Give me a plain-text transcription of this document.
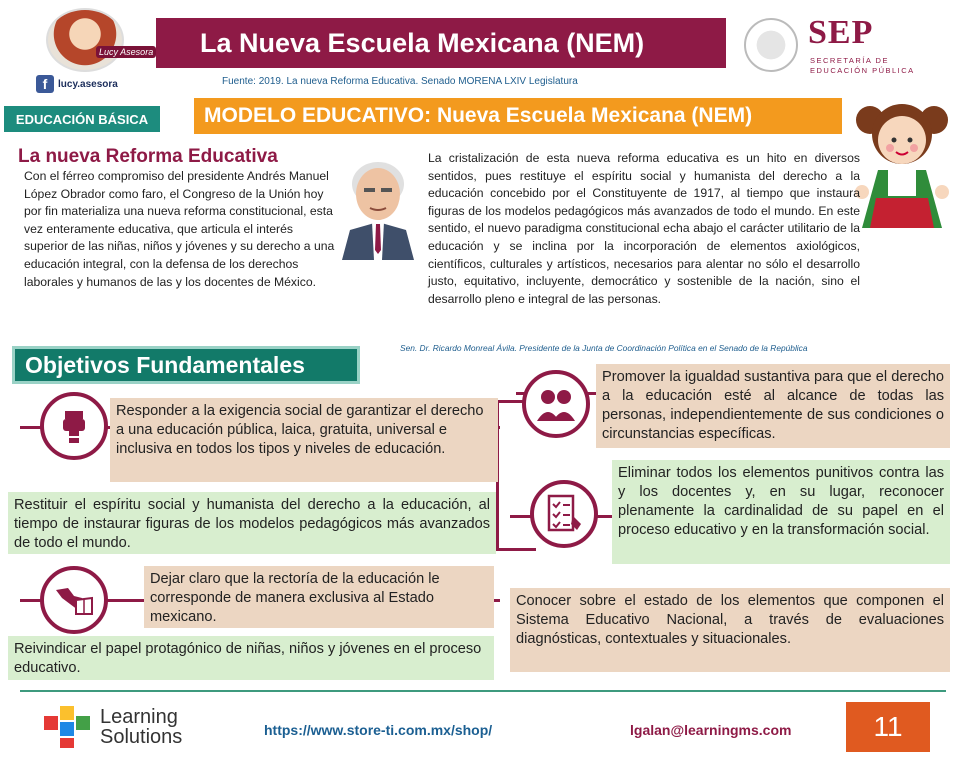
Lucy Asesora
f	lucy.asesora
La Nueva Escuela Mexicana (NEM)
Fuente: 2019. La nueva Reforma Educativa. Senado MORENA LXIV Legislatura
SEP
SECRETARÍA DE EDUCACIÓN PÚBLICA
EDUCACIÓN BÁSICA	MODELO EDUCATIVO: Nueva Escuela Mexicana (NEM)
La nueva Reforma Educativa
Con el férreo compromiso del presidente Andrés Manuel López Obrador como faro, el Congreso de la Unión hoy por fin materializa una nueva reforma constitucional, esta vez enteramente educativa, que articula el interés superior de las niñas, niños y jóvenes y su derecho a una educación integral, con la defensa de los derechos laborales y humanos de las y los docentes de México.
La cristalización de esta nueva reforma educativa es un hito en diversos sentidos, pues restituye el espíritu social y humanista del derecho a la educación concebido por el Constituyente de 1917, al tiempo que instaura figuras de los modelos pedagógicos más avanzados de todo el mundo. En este sentido, el nuevo paradigma constitucional echa abajo el carácter utilitario de la educación y se inclina por la incorporación de elementos axiológicos, científicos, culturales y artísticos, necesarios para alentar no sólo el desarrollo justo, equitativo, incluyente, democrático y sostenible de la nación, sino el desarrollo pleno e integral de las personas.
Sen. Dr. Ricardo Monreal Ávila. Presidente de la Junta de Coordinación Política en el Senado de la República
Objetivos Fundamentales
Responder a la exigencia social de garantizar el derecho a una educación pública, laica, gratuita, universal e inclusiva en todos los tipos y niveles de educación.
Restituir el espíritu social y humanista del derecho a la educación, al tiempo de instaurar figuras de los modelos pedagógicos más avanzados de todo el mundo.
Dejar claro que la rectoría de la educación le corresponde de manera exclusiva al Estado mexicano.
Reivindicar el papel protagónico de niñas, niños y jóvenes en el proceso educativo.
Promover la igualdad sustantiva para que el derecho a la educación esté al alcance de todas las personas, independientemente de sus condiciones o circunstancias específicas.
Eliminar todos los elementos punitivos contra las y los docentes y, en su lugar, reconocer plenamente la cardinalidad de su papel en el proceso educativo y en la transformación social.
Conocer sobre el estado de los elementos que componen el Sistema Educativo Nacional, a través de evaluaciones diagnósticas, contextuales y situacionales.
Learning
Solutions	https://www.store-ti.com.mx/shop/	lgalan@learningms.com	11
